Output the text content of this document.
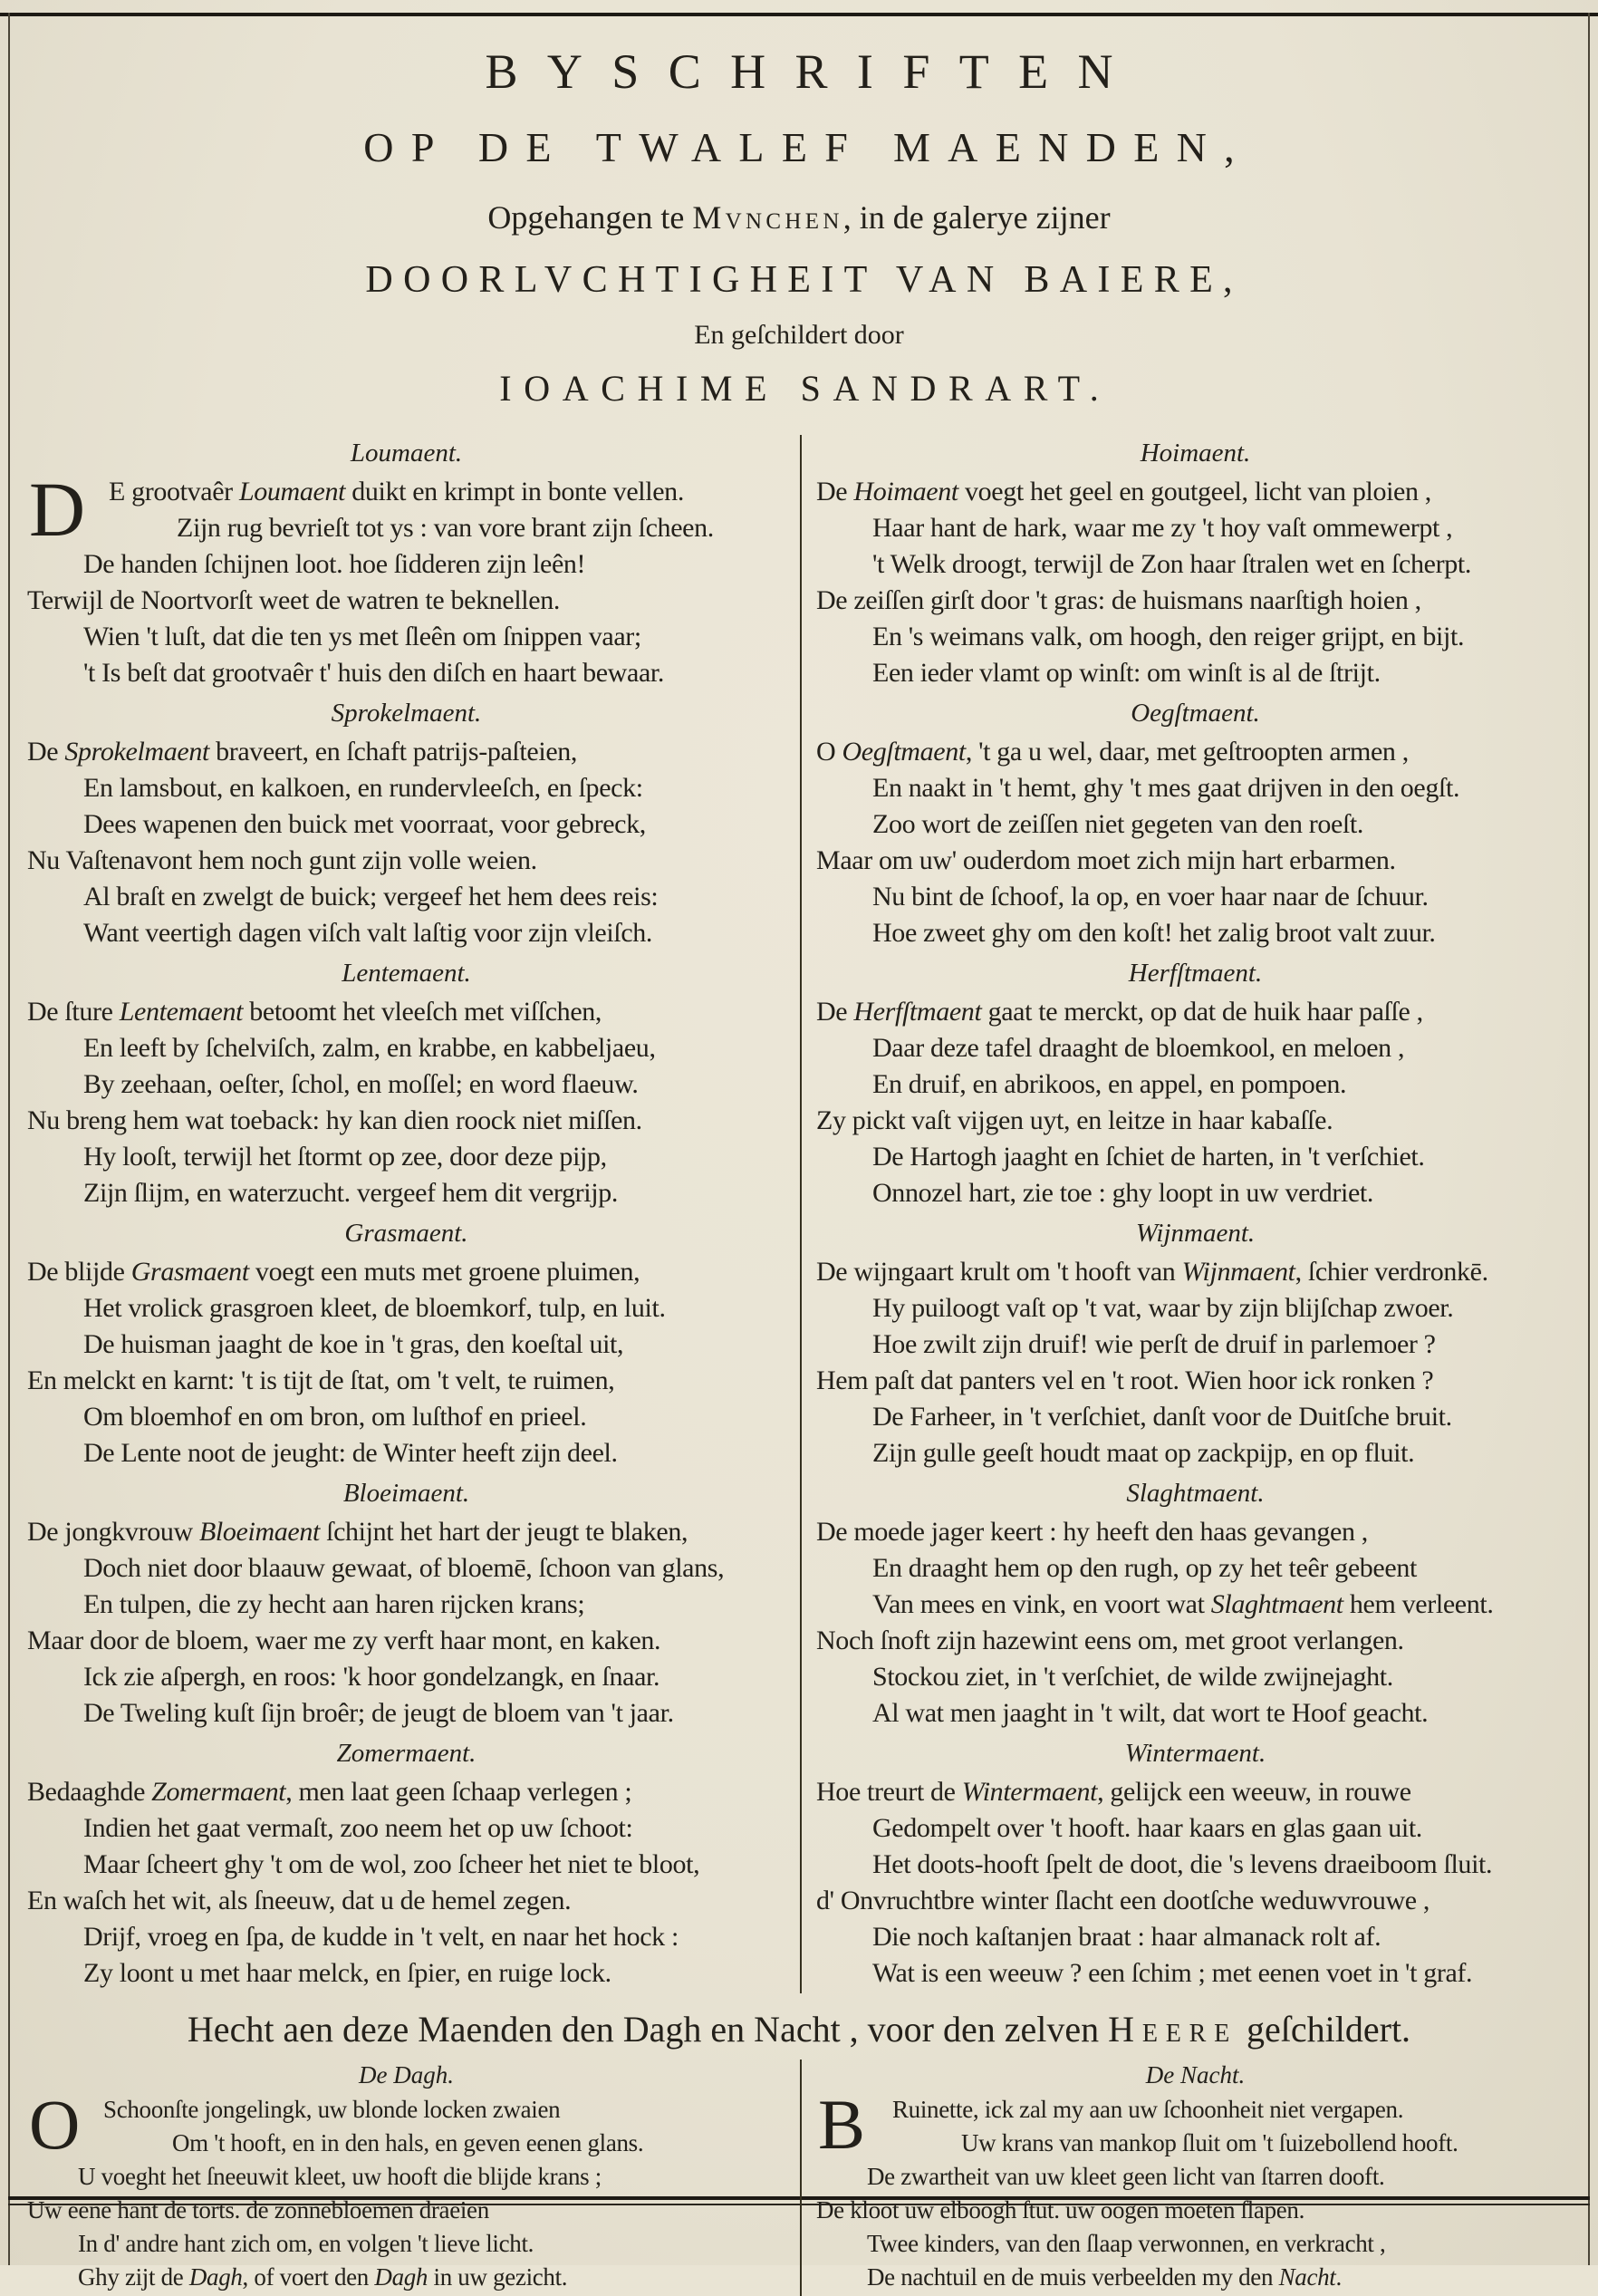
BYSCHRIFTEN
OP DE TWALEF MAENDEN,
Opgehangen te Mvnchen, in de galerye zijner
DOORLVCHTIGHEIT VAN BAIERE,
En geſchildert door
IOACHIME SANDRART.
Loumaent.
D E grootvaêr Loumaent duikt en krimpt in bonte vellen.
Zijn rug bevrieſt tot ys : van vore brant zijn ſcheen.
De handen ſchijnen loot. hoe ſidderen zijn leên!
Terwijl de Noortvorſt weet de watren te beknellen.
Wien 't luſt, dat die ten ys met ſleên om ſnippen vaar;
't Is beſt dat grootvaêr t' huis den diſch en haart bewaar.
Sprokelmaent.
De Sprokelmaent braveert, en ſchaft patrijs-paſteien,
En lamsbout, en kalkoen, en rundervleeſch, en ſpeck:
Dees wapenen den buick met voorraat, voor gebreck,
Nu Vaſtenavont hem noch gunt zijn volle weien.
Al braſt en zwelgt de buick; vergeef het hem dees reis:
Want veertigh dagen viſch valt laſtig voor zijn vleiſch.
Lentemaent.
De ſture Lentemaent betoomt het vleeſch met viſſchen,
En leeft by ſchelviſch, zalm, en krabbe, en kabbeljaeu,
By zeehaan, oeſter, ſchol, en moſſel; en word flaeuw.
Nu breng hem wat toeback: hy kan dien roock niet miſſen.
Hy looſt, terwijl het ſtormt op zee, door deze pijp,
Zijn ſlijm, en waterzucht. vergeef hem dit vergrijp.
Grasmaent.
De blijde Grasmaent voegt een muts met groene pluimen,
Het vrolick grasgroen kleet, de bloemkorf, tulp, en luit.
De huisman jaaght de koe in 't gras, den koeſtal uit,
En melckt en karnt: 't is tijt de ſtat, om 't velt, te ruimen,
Om bloemhof en om bron, om luſthof en prieel.
De Lente noot de jeught: de Winter heeft zijn deel.
Bloeimaent.
De jongkvrouw Bloeimaent ſchijnt het hart der jeugt te blaken,
Doch niet door blaauw gewaat, of bloemē, ſchoon van glans,
En tulpen, die zy hecht aan haren rijcken krans;
Maar door de bloem, waer me zy verft haar mont, en kaken.
Ick zie aſpergh, en roos: 'k hoor gondelzangk, en ſnaar.
De Tweling kuſt ſijn broêr; de jeugt de bloem van 't jaar.
Zomermaent.
Bedaaghde Zomermaent, men laat geen ſchaap verlegen ;
Indien het gaat vermaſt, zoo neem het op uw ſchoot:
Maar ſcheert ghy 't om de wol, zoo ſcheer het niet te bloot,
En waſch het wit, als ſneeuw, dat u de hemel zegen.
Drijf, vroeg en ſpa, de kudde in 't velt, en naar het hock :
Zy loont u met haar melck, en ſpier, en ruige lock.
Hoimaent.
De Hoimaent voegt het geel en goutgeel, licht van ploien ,
Haar hant de hark, waar me zy 't hoy vaſt ommewerpt ,
't Welk droogt, terwijl de Zon haar ſtralen wet en ſcherpt.
De zeiſſen girſt door 't gras: de huismans naarſtigh hoien ,
En 's weimans valk, om hoogh, den reiger grijpt, en bijt.
Een ieder vlamt op winſt: om winſt is al de ſtrijt.
Oegſtmaent.
O Oegſtmaent, 't ga u wel, daar, met geſtroopten armen ,
En naakt in 't hemt, ghy 't mes gaat drijven in den oegſt.
Zoo wort de zeiſſen niet gegeten van den roeſt.
Maar om uw' ouderdom moet zich mijn hart erbarmen.
Nu bint de ſchoof, la op, en voer haar naar de ſchuur.
Hoe zweet ghy om den koſt! het zalig broot valt zuur.
Herfſtmaent.
De Herfſtmaent gaat te merckt, op dat de huik haar paſſe ,
Daar deze tafel draaght de bloemkool, en meloen ,
En druif, en abrikoos, en appel, en pompoen.
Zy pickt vaſt vijgen uyt, en leitze in haar kabaſſe.
De Hartogh jaaght en ſchiet de harten, in 't verſchiet.
Onnozel hart, zie toe : ghy loopt in uw verdriet.
Wijnmaent.
De wijngaart krult om 't hooft van Wijnmaent, ſchier verdronkē.
Hy puiloogt vaſt op 't vat, waar by zijn blijſchap zwoer.
Hoe zwilt zijn druif! wie perſt de druif in parlemoer ?
Hem paſt dat panters vel en 't root. Wien hoor ick ronken ?
De Farheer, in 't verſchiet, danſt voor de Duitſche bruit.
Zijn gulle geeſt houdt maat op zackpijp, en op fluit.
Slaghtmaent.
De moede jager keert : hy heeft den haas gevangen ,
En draaght hem op den rugh, op zy het teêr gebeent
Van mees en vink, en voort wat Slaghtmaent hem verleent.
Noch ſnoft zijn hazewint eens om, met groot verlangen.
Stockou ziet, in 't verſchiet, de wilde zwijnejaght.
Al wat men jaaght in 't wilt, dat wort te Hoof geacht.
Wintermaent.
Hoe treurt de Wintermaent, gelijck een weeuw, in rouwe
Gedompelt over 't hooft. haar kaars en glas gaan uit.
Het doots-hooft ſpelt de doot, die 's levens draeiboom ſluit.
d' Onvruchtbre winter ſlacht een dootſche weduwvrouwe ,
Die noch kaſtanjen braat : haar almanack rolt af.
Wat is een weeuw ? een ſchim ; met eenen voet in 't graf.
Hecht aen deze Maenden den Dagh en Nacht , voor den zelven Heere geſchildert.
De Dagh.
O Schoonſte jongelingk, uw blonde locken zwaien
Om 't hooft, en in den hals, en geven eenen glans.
U voeght het ſneeuwit kleet, uw hooft die blijde krans ;
Uw eene hant de torts. de zonnebloemen draeien
In d' andre hant zich om, en volgen 't lieve licht.
Ghy zijt de Dagh, of voert den Dagh in uw gezicht.
De Nacht.
B	Ruinette, ick zal my aan uw ſchoonheit niet vergapen.
Uw krans van mankop ſluit om 't ſuizebollend hooft.
De zwartheit van uw kleet geen licht van ſtarren dooft.
De kloot uw elboogh ſtut. uw oogen moeten ſlapen.
Twee kinders, van den ſlaap verwonnen, en verkracht ,
De nachtuil en de muis verbeelden my den Nacht.
